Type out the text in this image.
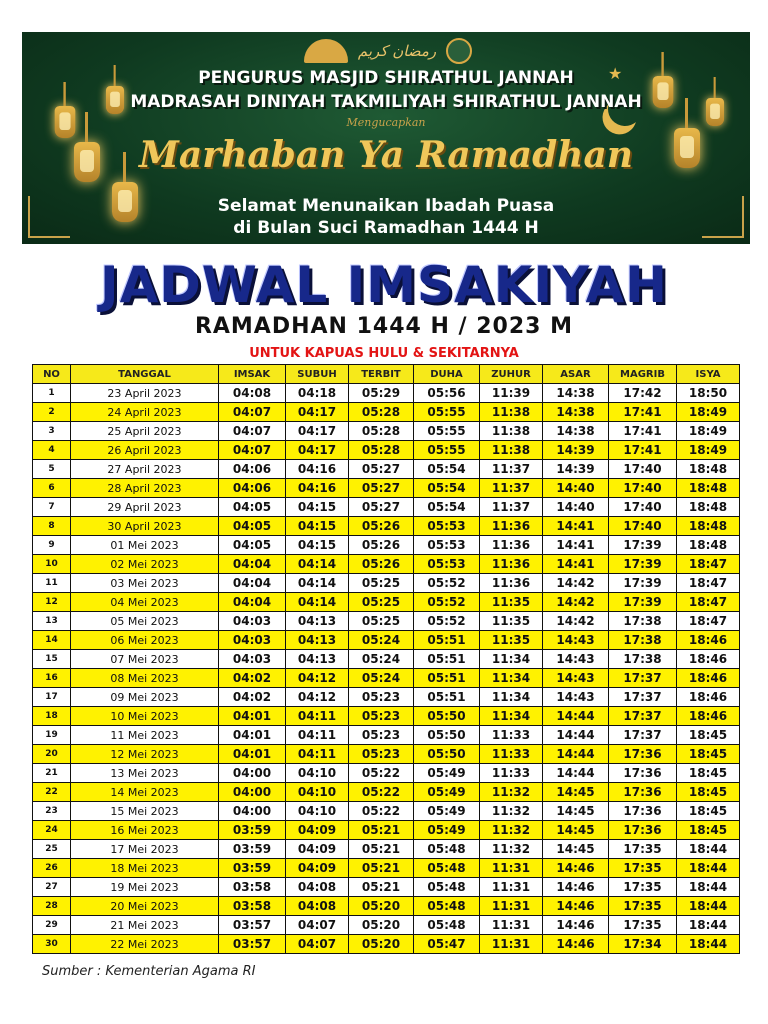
★
رمضان كريم
PENGURUS MASJID SHIRATHUL JANNAH
MADRASAH DINIYAH TAKMILIYAH SHIRATHUL JANNAH
Mengucapkan
Marhaban Ya Ramadhan
Selamat Menunaikan Ibadah Puasa
di Bulan Suci Ramadhan 1444 H
JADWAL IMSAKIYAH
RAMADHAN 1444 H / 2023 M
UNTUK KAPUAS HULU & SEKITARNYA
NO	TANGGAL	IMSAK	SUBUH	TERBIT	DUHA	ZUHUR	ASAR	MAGRIB	ISYA
1	23 April 2023	04:08	04:18	05:29	05:56	11:39	14:38	17:42	18:50
2	24 April 2023	04:07	04:17	05:28	05:55	11:38	14:38	17:41	18:49
3	25 April 2023	04:07	04:17	05:28	05:55	11:38	14:38	17:41	18:49
4	26 April 2023	04:07	04:17	05:28	05:55	11:38	14:39	17:41	18:49
5	27 April 2023	04:06	04:16	05:27	05:54	11:37	14:39	17:40	18:48
6	28 April 2023	04:06	04:16	05:27	05:54	11:37	14:40	17:40	18:48
7	29 April 2023	04:05	04:15	05:27	05:54	11:37	14:40	17:40	18:48
8	30 April 2023	04:05	04:15	05:26	05:53	11:36	14:41	17:40	18:48
9	01 Mei 2023	04:05	04:15	05:26	05:53	11:36	14:41	17:39	18:48
10	02 Mei 2023	04:04	04:14	05:26	05:53	11:36	14:41	17:39	18:47
11	03 Mei 2023	04:04	04:14	05:25	05:52	11:36	14:42	17:39	18:47
12	04 Mei 2023	04:04	04:14	05:25	05:52	11:35	14:42	17:39	18:47
13	05 Mei 2023	04:03	04:13	05:25	05:52	11:35	14:42	17:38	18:47
14	06 Mei 2023	04:03	04:13	05:24	05:51	11:35	14:43	17:38	18:46
15	07 Mei 2023	04:03	04:13	05:24	05:51	11:34	14:43	17:38	18:46
16	08 Mei 2023	04:02	04:12	05:24	05:51	11:34	14:43	17:37	18:46
17	09 Mei 2023	04:02	04:12	05:23	05:51	11:34	14:43	17:37	18:46
18	10 Mei 2023	04:01	04:11	05:23	05:50	11:34	14:44	17:37	18:46
19	11 Mei 2023	04:01	04:11	05:23	05:50	11:33	14:44	17:37	18:45
20	12 Mei 2023	04:01	04:11	05:23	05:50	11:33	14:44	17:36	18:45
21	13 Mei 2023	04:00	04:10	05:22	05:49	11:33	14:44	17:36	18:45
22	14 Mei 2023	04:00	04:10	05:22	05:49	11:32	14:45	17:36	18:45
23	15 Mei 2023	04:00	04:10	05:22	05:49	11:32	14:45	17:36	18:45
24	16 Mei 2023	03:59	04:09	05:21	05:49	11:32	14:45	17:36	18:45
25	17 Mei 2023	03:59	04:09	05:21	05:48	11:32	14:45	17:35	18:44
26	18 Mei 2023	03:59	04:09	05:21	05:48	11:31	14:46	17:35	18:44
27	19 Mei 2023	03:58	04:08	05:21	05:48	11:31	14:46	17:35	18:44
28	20 Mei 2023	03:58	04:08	05:20	05:48	11:31	14:46	17:35	18:44
29	21 Mei 2023	03:57	04:07	05:20	05:48	11:31	14:46	17:35	18:44
30	22 Mei 2023	03:57	04:07	05:20	05:47	11:31	14:46	17:34	18:44
Sumber : Kementerian Agama RI
